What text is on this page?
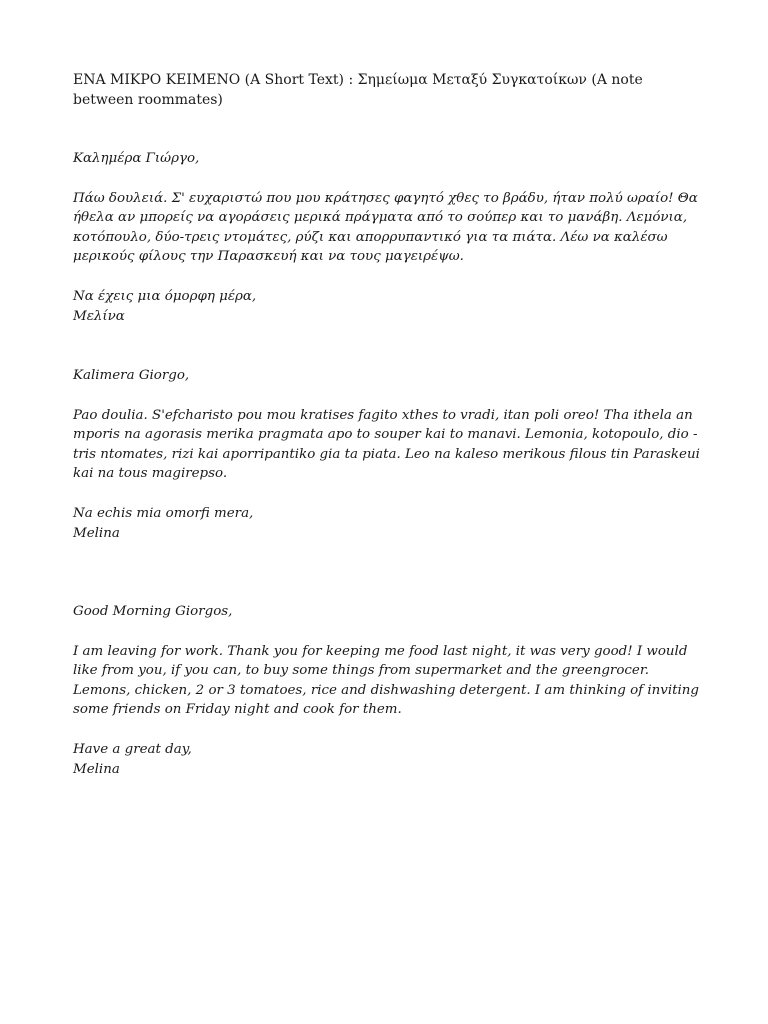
ΕΝΑ ΜΙΚΡΟ ΚΕΙΜΕΝΟ (A Short Text) : Σημείωμα Μεταξύ Συγκατοίκων (A note between roommates)

Καλημέρα Γιώργο,

Πάω δουλειά. Σ' ευχαριστώ που μου κράτησες φαγητό χθες το βράδυ, ήταν πολύ ωραίο! Θα ήθελα αν μπορείς να αγοράσεις μερικά πράγματα από το σούπερ και το μανάβη. Λεμόνια, κοτόπουλο, δύο-τρεις ντομάτες, ρύζι και απορρυπαντικό για τα πιάτα. Λέω να καλέσω μερικούς φίλους την Παρασκευή και να τους μαγειρέψω.

Να έχεις μια όμορφη μέρα,

Μελίνα

Kalimera Giorgo,

Pao doulia. S'efcharisto pou mou kratises fagito xthes to vradi, itan poli oreo! Tha ithela an mporis na agorasis merika pragmata apo to souper kai to manavi. Lemonia, kotopoulo, dio -tris ntomates, rizi kai aporripantiko gia ta piata. Leo na kaleso merikous filous tin Paraskeui kai na tous magirepso.

Na echis mia omorfi mera,

Melina

Good Morning Giorgos,

I am leaving for work. Thank you for keeping me food last night, it was very good! I would like from you, if you can, to buy some things from supermarket and the greengrocer. Lemons, chicken, 2 or 3 tomatoes, rice and dishwashing detergent. I am thinking of inviting some friends on Friday night and cook for them.

Have a great day,

Melina
